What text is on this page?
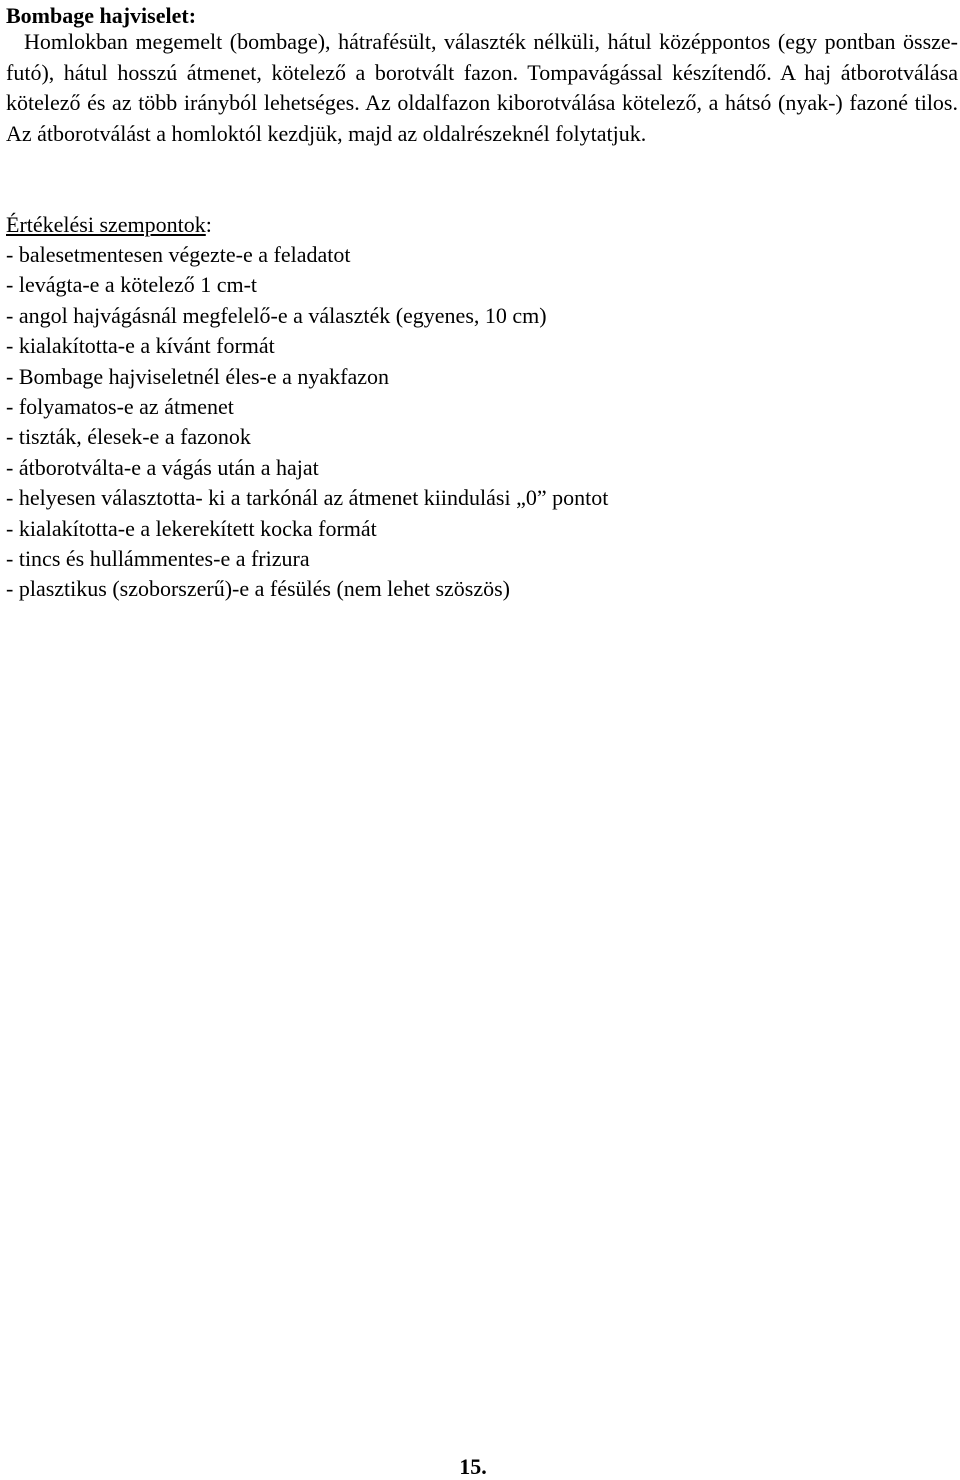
Bombage hajviselet:

Homlokban megemelt (bombage), hátrafésült, választék nélküli, hátul középpontos (egy pontban össze-futó), hátul hosszú átmenet, kötelező a borotvált fazon. Tompavágással készítendő. A haj átborotválása kötelező és az több irányból lehetséges. Az oldalfazon kiborotválása kötelező, a hátsó (nyak-) fazoné tilos. Az átborotválást a homloktól kezdjük, majd az oldalrészeknél folytatjuk.

Értékelési szempontok:
- balesetmentesen végezte-e a feladatot
- levágta-e a kötelező 1 cm-t
- angol hajvágásnál megfelelő-e a választék (egyenes, 10 cm)
- kialakította-e a kívánt formát
- Bombage hajviseletnél éles-e a nyakfazon
- folyamatos-e az átmenet
- tiszták, élesek-e a fazonok
- átborotválta-e a vágás után a hajat
- helyesen választotta- ki a tarkónál az átmenet kiindulási „0” pontot
- kialakította-e a lekerekített kocka formát
- tincs és hullámmentes-e a frizura
- plasztikus (szoborszerű)-e a fésülés (nem lehet szöszös)
15.
